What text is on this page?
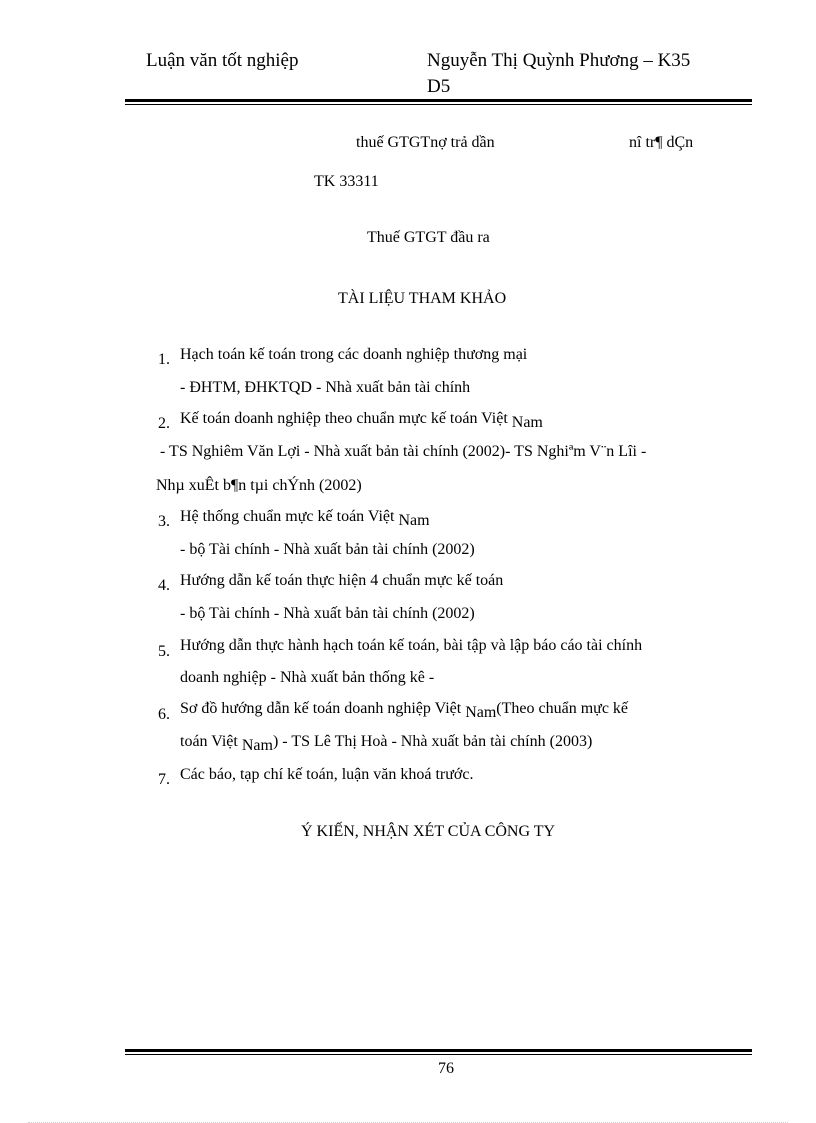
Luận văn tốt nghiệp	Nguyễn Thị Quỳnh Phương – K35
D5
thuế GTGTnợ trả dần	nî tr¶ dÇn
TK 33311
Thuế GTGT đầu ra
TÀI LIỆU THAM KHẢO
1. Hạch toán kế toán trong các doanh nghiệp thương mại
- ĐHTM, ĐHKTQD - Nhà xuất bản tài chính
2. Kế toán doanh nghiệp theo chuẩn mực kế toán Việt Nam
- TS Nghiêm Văn Lợi - Nhà xuất bản tài chính (2002)- TS Nghiªm V¨n Lîi -
Nhµ xuÊt b¶n tµi chÝnh (2002)
3. Hệ thống chuẩn mực kế toán Việt Nam
- bộ Tài chính - Nhà xuất bản tài chính (2002)
4. Hướng dẫn kế toán thực hiện 4 chuẩn mực kế toán
- bộ Tài chính - Nhà xuất bản tài chính (2002)
5. Hướng dẫn thực hành hạch toán kế toán, bài tập và lập báo cáo tài chính
doanh nghiệp - Nhà xuất bản thống kê -
6. Sơ đồ hướng dẫn kế toán doanh nghiệp Việt Nam(Theo chuẩn mực kế
toán Việt Nam) - TS Lê Thị Hoà - Nhà xuất bản tài chính (2003)
7. Các báo, tạp chí kế toán, luận văn khoá trước.
Ý KIẾN, NHẬN XÉT CỦA CÔNG TY
76
